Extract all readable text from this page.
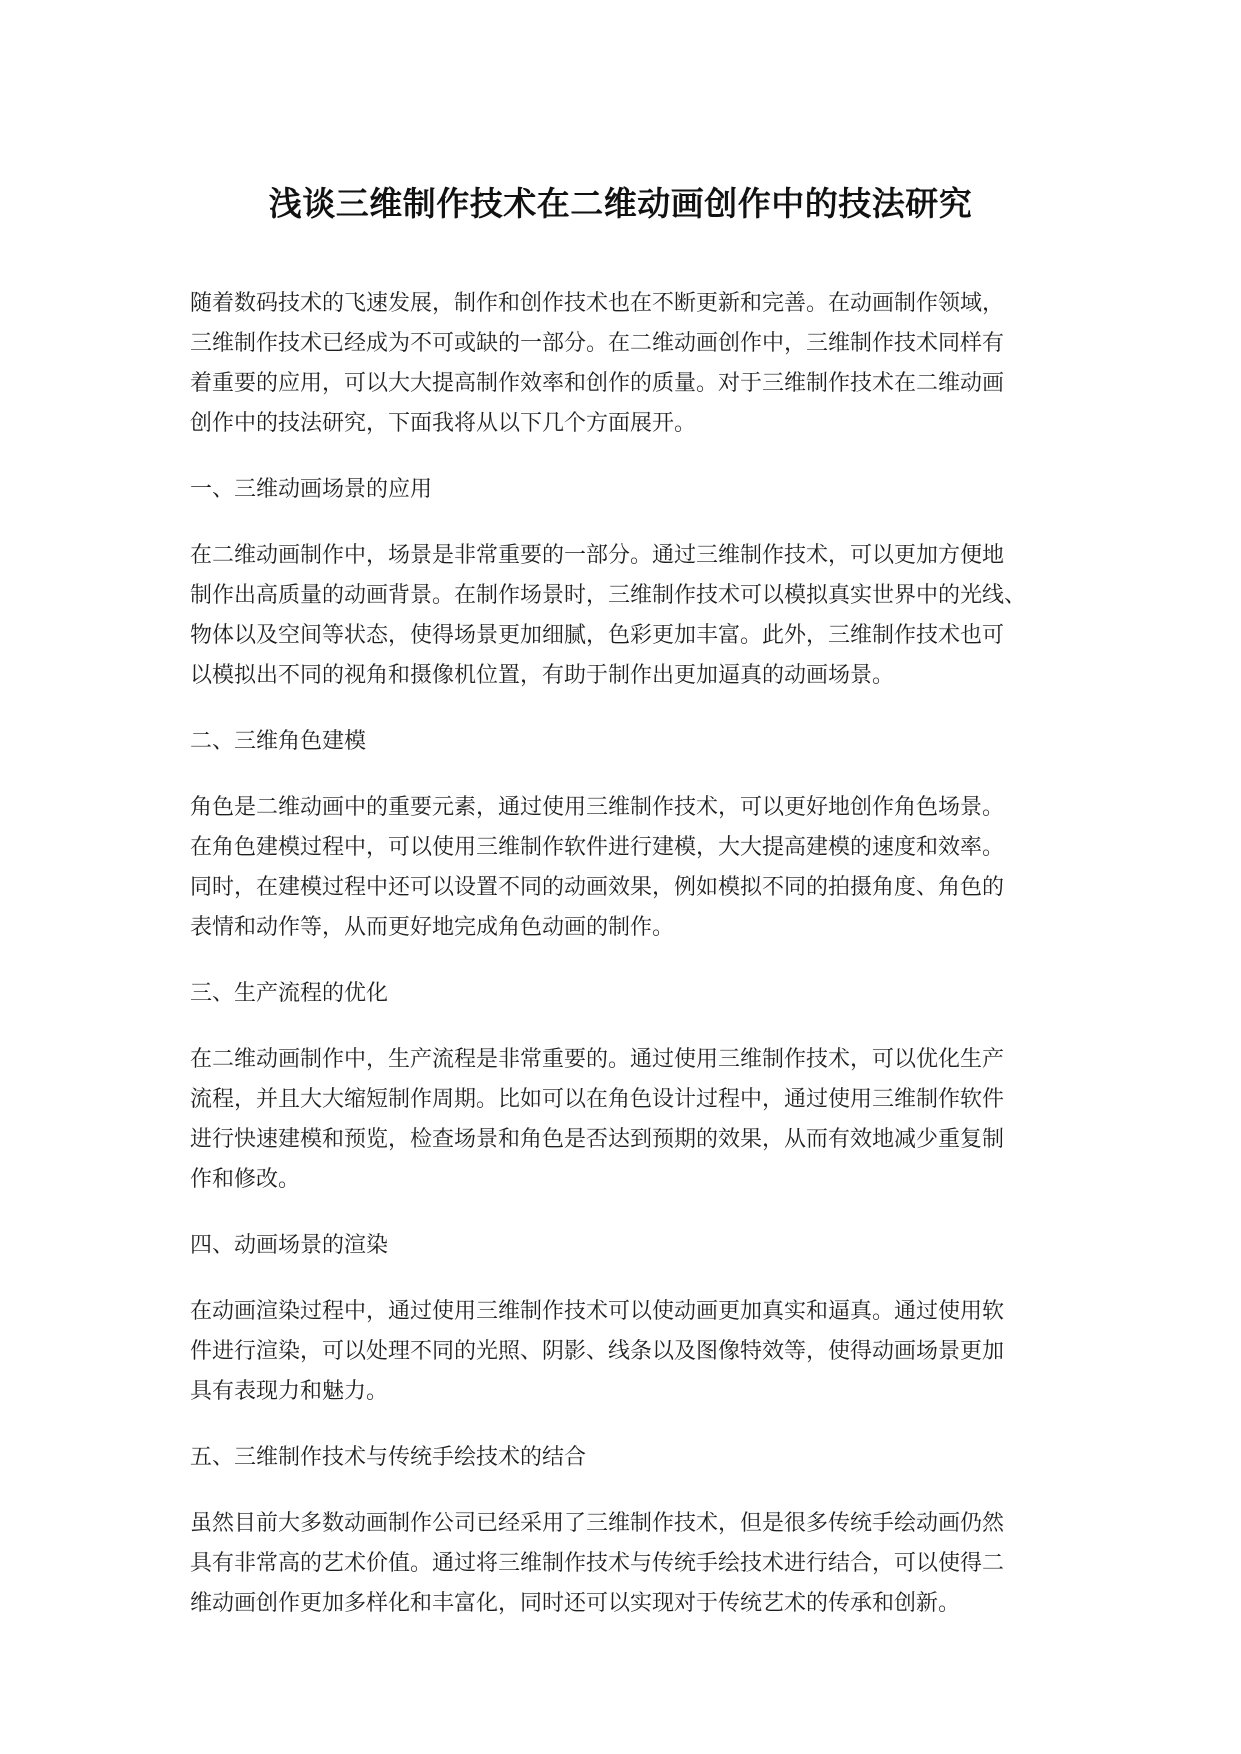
浅谈三维制作技术在二维动画创作中的技法研究

随着数码技术的飞速发展，制作和创作技术也在不断更新和完善。在动画制作领域，
三维制作技术已经成为不可或缺的一部分。在二维动画创作中，三维制作技术同样有
着重要的应用，可以大大提高制作效率和创作的质量。对于三维制作技术在二维动画
创作中的技法研究，下面我将从以下几个方面展开。

一、三维动画场景的应用

在二维动画制作中，场景是非常重要的一部分。通过三维制作技术，可以更加方便地
制作出高质量的动画背景。在制作场景时，三维制作技术可以模拟真实世界中的光线、
物体以及空间等状态，使得场景更加细腻，色彩更加丰富。此外，三维制作技术也可
以模拟出不同的视角和摄像机位置，有助于制作出更加逼真的动画场景。

二、三维角色建模

角色是二维动画中的重要元素，通过使用三维制作技术，可以更好地创作角色场景。
在角色建模过程中，可以使用三维制作软件进行建模，大大提高建模的速度和效率。
同时，在建模过程中还可以设置不同的动画效果，例如模拟不同的拍摄角度、角色的
表情和动作等，从而更好地完成角色动画的制作。

三、生产流程的优化

在二维动画制作中，生产流程是非常重要的。通过使用三维制作技术，可以优化生产
流程，并且大大缩短制作周期。比如可以在角色设计过程中，通过使用三维制作软件
进行快速建模和预览，检查场景和角色是否达到预期的效果，从而有效地减少重复制
作和修改。

四、动画场景的渲染

在动画渲染过程中，通过使用三维制作技术可以使动画更加真实和逼真。通过使用软
件进行渲染，可以处理不同的光照、阴影、线条以及图像特效等，使得动画场景更加
具有表现力和魅力。

五、三维制作技术与传统手绘技术的结合

虽然目前大多数动画制作公司已经采用了三维制作技术，但是很多传统手绘动画仍然
具有非常高的艺术价值。通过将三维制作技术与传统手绘技术进行结合，可以使得二
维动画创作更加多样化和丰富化，同时还可以实现对于传统艺术的传承和创新。
